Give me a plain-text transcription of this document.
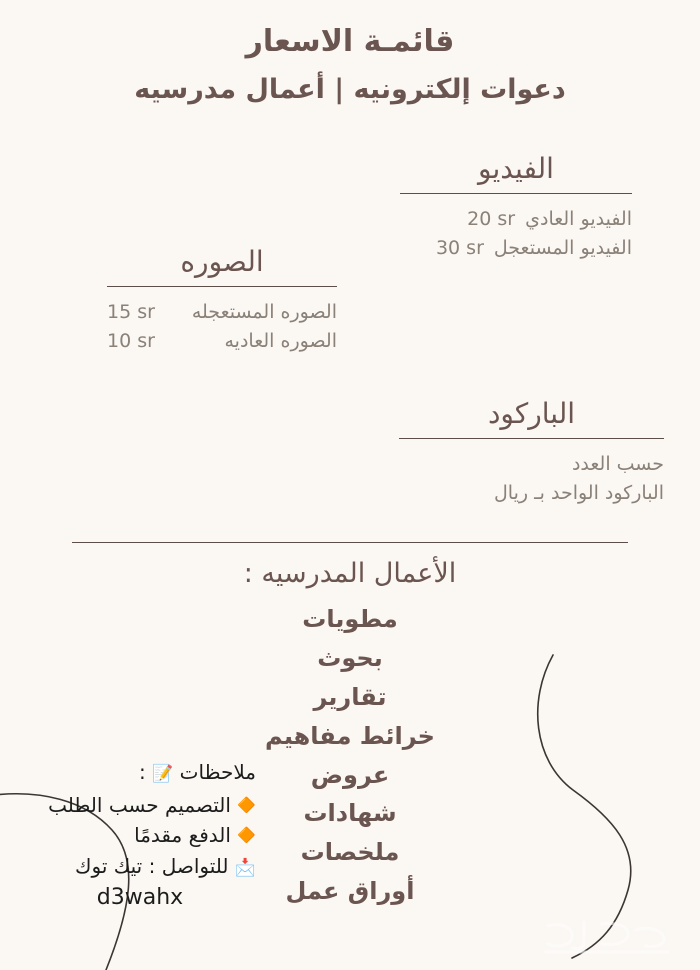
قائمـة الاسعار
دعوات إلكترونيه | أعمال مدرسيه
الفيديو
الفيديو العادي
20 sr
الفيديو المستعجل
30 sr
الصوره
الصوره المستعجله
15 sr
الصوره العاديه
10 sr
الباركود
حسب العدد
الباركود الواحد بـ ريال
الأعمال المدرسيه :
مطويات
بحوث
تقارير
خرائط مفاهيم
عروض
شهادات
ملخصات
أوراق عمل
ملاحظات 📝 :
🔶 التصميم حسب الطلب
🔶 الدفع مقدمًا
📩 للتواصل : تيك توك
d3wahx
